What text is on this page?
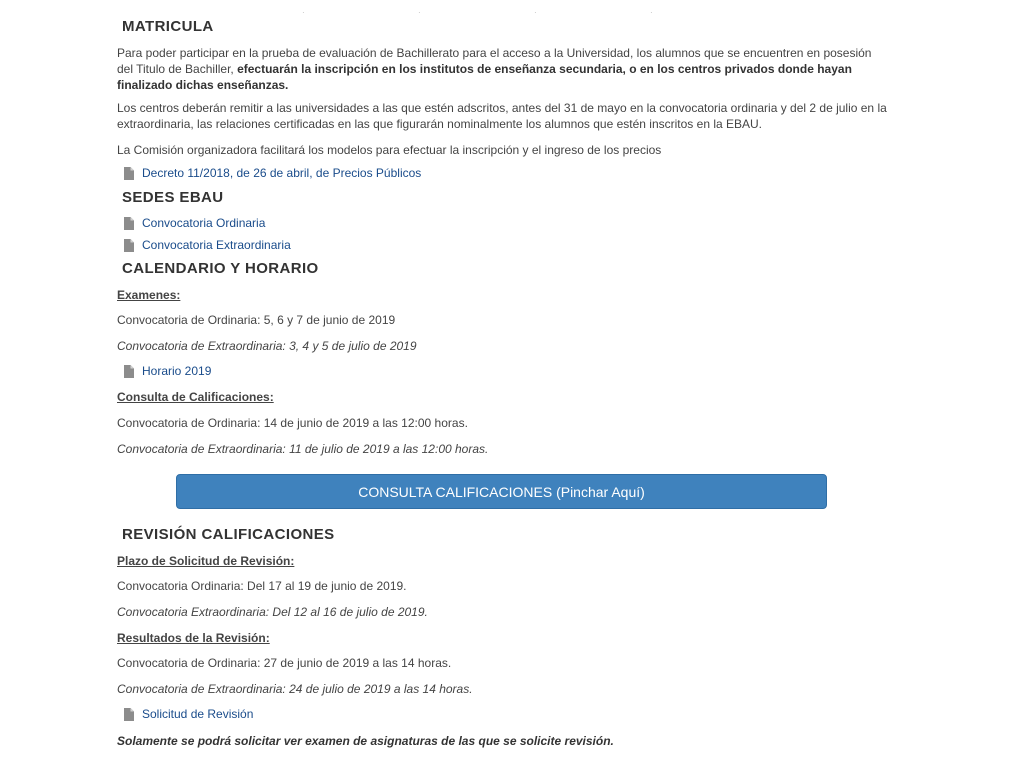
·	·	·	·
MATRICULA
Para poder participar en la prueba de evaluación de Bachillerato para el acceso a la Universidad, los alumnos que se encuentren en posesión del Titulo de Bachiller, efectuarán la inscripción en los institutos de enseñanza secundaria, o en los centros privados donde hayan finalizado dichas enseñanzas.
Los centros deberán remitir a las universidades a las que estén adscritos, antes del 31 de mayo en la convocatoria ordinaria y del 2 de julio en la extraordinaria, las relaciones certificadas en las que figurarán nominalmente los alumnos que estén inscritos en la EBAU.
La Comisión organizadora facilitará los modelos para efectuar la inscripción y el ingreso de los precios
Decreto 11/2018, de 26 de abril, de Precios Públicos
SEDES EBAU
Convocatoria Ordinaria
Convocatoria Extraordinaria
CALENDARIO Y HORARIO
Examenes:
Convocatoria de Ordinaria: 5, 6 y 7 de junio de 2019
Convocatoria de Extraordinaria: 3, 4 y 5 de julio de 2019
Horario 2019
Consulta de Calificaciones:
Convocatoria de Ordinaria: 14 de junio de 2019 a las 12:00 horas.
Convocatoria de Extraordinaria: 11 de julio de 2019 a las 12:00 horas.
CONSULTA CALIFICACIONES (Pinchar Aquí)
REVISIÓN CALIFICACIONES
Plazo de Solicitud de Revisión:
Convocatoria Ordinaria: Del 17 al 19 de junio de 2019.
Convocatoria Extraordinaria: Del 12 al 16 de julio de 2019.
Resultados de la Revisión:
Convocatoria de Ordinaria: 27 de junio de 2019 a las 14 horas.
Convocatoria de Extraordinaria: 24 de julio de 2019 a las 14 horas.
Solicitud de Revisión
Solamente se podrá solicitar ver examen de asignaturas de las que se solicite revisión.
